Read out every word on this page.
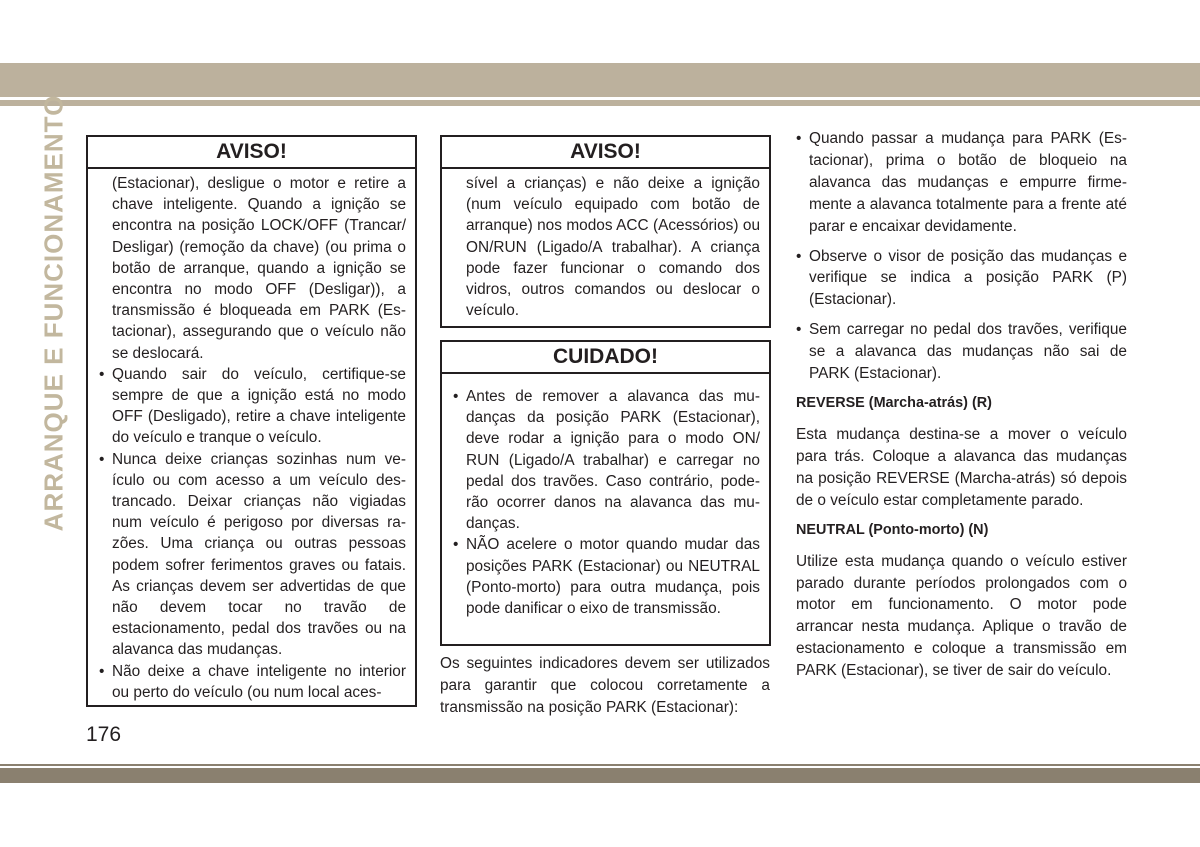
ARRANQUE E FUNCIONAMENTO	AVISO!

(Estacionar), desligue o motor e retire a chave inteligente. Quando a ignição se encontra na posição LOCK/OFF (Trancar/ Desligar) (remoção da chave) (ou prima o botão de arranque, quando a ignição se encontra no modo OFF (Desligar)), a transmissão é bloqueada em PARK (Estacionar), assegurando que o veículo não se deslocará.

• Quando sair do veículo, certifique-se sempre de que a ignição está no modo OFF (Desligado), retire a chave inteligente do veículo e tranque o veículo.
• Nunca deixe crianças sozinhas num veículo ou com acesso a um veículo destrancado. Deixar crianças não vigiadas num veículo é perigoso por diversas razões. Uma criança ou outras pessoas podem sofrer ferimentos graves ou fatais. As crianças devem ser advertidas de que não devem tocar no travão de estacionamento, pedal dos travões ou na alavanca das mudanças.
• Não deixe a chave inteligente no interior ou perto do veículo (ou num local aces-
AVISO!

sível a crianças) e não deixe a ignição (num veículo equipado com botão de arranque) nos modos ACC (Acessórios) ou ON/RUN (Ligado/A trabalhar). A criança pode fazer funcionar o comando dos vidros, outros comandos ou deslocar o veículo.

CUIDADO!
• Antes de remover a alavanca das mudanças da posição PARK (Estacionar), deve rodar a ignição para o modo ON/ RUN (Ligado/A trabalhar) e carregar no pedal dos travões. Caso contrário, poderão ocorrer danos na alavanca das mudanças.
• NÃO acelere o motor quando mudar das posições PARK (Estacionar) ou NEUTRAL (Ponto-morto) para outra mudança, pois pode danificar o eixo de transmissão.

Os seguintes indicadores devem ser utilizados para garantir que colocou corretamente a transmissão na posição PARK (Estacionar):

• Quando passar a mudança para PARK (Estacionar), prima o botão de bloqueio na alavanca das mudanças e empurre firmemente a alavanca totalmente para a frente até parar e encaixar devidamente.
• Observe o visor de posição das mudanças e verifique se indica a posição PARK (P) (Estacionar).
• Sem carregar no pedal dos travões, verifique se a alavanca das mudanças não sai de PARK (Estacionar).
REVERSE (Marcha-atrás) (R)

Esta mudança destina-se a mover o veículo para trás. Coloque a alavanca das mudanças na posição REVERSE (Marcha-atrás) só depois de o veículo estar completamente parado.

NEUTRAL (Ponto-morto) (N)

Utilize esta mudança quando o veículo estiver parado durante períodos prolongados com o motor em funcionamento. O motor pode arrancar nesta mudança. Aplique o travão de estacionamento e coloque a transmissão em PARK (Estacionar), se tiver de sair do veículo.

176
